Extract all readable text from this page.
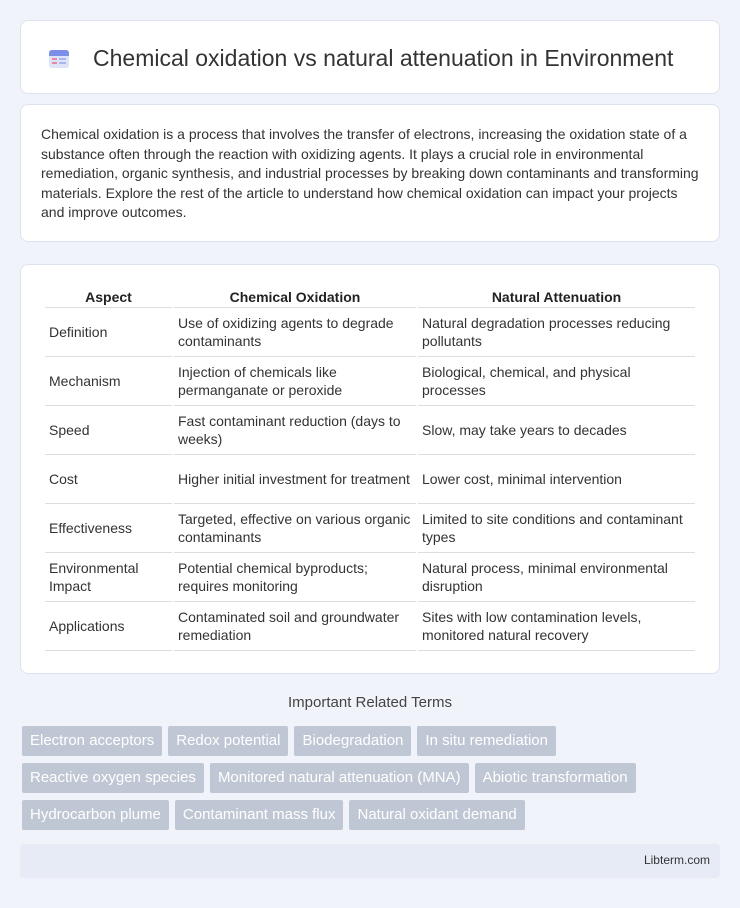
Chemical oxidation vs natural attenuation in Environment

Chemical oxidation is a process that involves the transfer of electrons, increasing the oxidation state of a substance often through the reaction with oxidizing agents. It plays a crucial role in environmental remediation, organic synthesis, and industrial processes by breaking down contaminants and transforming materials. Explore the rest of the article to understand how chemical oxidation can impact your projects and improve outcomes.

Aspect	Chemical Oxidation	Natural Attenuation
Definition	Use of oxidizing agents to degrade contaminants	Natural degradation processes reducing pollutants
Mechanism	Injection of chemicals like permanganate or peroxide	Biological, chemical, and physical processes
Speed	Fast contaminant reduction (days to weeks)	Slow, may take years to decades
Cost	Higher initial investment for treatment	Lower cost, minimal intervention
Effectiveness	Targeted, effective on various organic contaminants	Limited to site conditions and contaminant types
Environmental Impact	Potential chemical byproducts; requires monitoring	Natural process, minimal environmental disruption
Applications	Contaminated soil and groundwater remediation	Sites with low contamination levels, monitored natural recovery
Important Related Terms
Electron acceptors	Redox potential	Biodegradation	In situ remediation
Reactive oxygen species	Monitored natural attenuation (MNA)	Abiotic transformation
Hydrocarbon plume	Contaminant mass flux	Natural oxidant demand
Libterm.com
